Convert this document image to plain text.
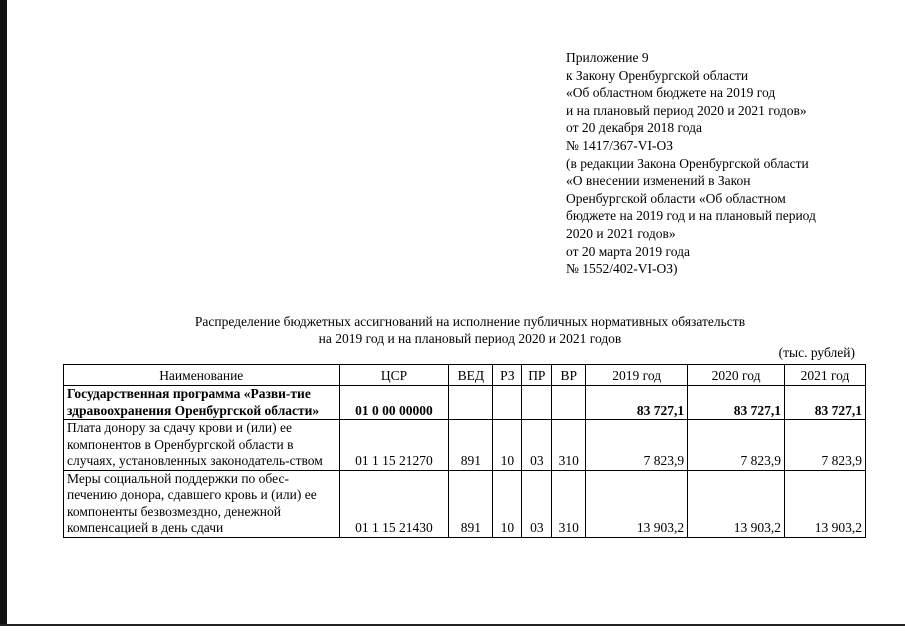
Приложение 9
к Закону Оренбургской области
«Об областном бюджете на 2019 год
и на плановый период 2020 и 2021 годов»
от 20 декабря 2018 года
№ 1417/367-VI-ОЗ
(в редакции Закона Оренбургской области
«О внесении изменений в Закон
Оренбургской области «Об областном
бюджете на 2019 год и на плановый период
2020 и 2021 годов»
от 20 марта 2019 года
№ 1552/402-VI-ОЗ)
Распределение бюджетных ассигнований на исполнение публичных нормативных обязательств
на 2019 год и на плановый период 2020 и 2021 годов
(тыс. рублей)
Наименование	ЦСР	ВЕД	РЗ	ПР	ВР	2019 год	2020 год	2021 год
Государственная программа «Разви-тие здравоохранения Оренбургской области»	01 0 00 00000					83 727,1	83 727,1	83 727,1
Плата донору за сдачу крови и (или) ее компонентов в Оренбургской области в случаях, установленных законодатель-ством	01 1 15 21270	891	10	03	310	7 823,9	7 823,9	7 823,9
Меры социальной поддержки по обес-печению донора, сдавшего кровь и (или) ее компоненты безвозмездно, денежной компенсацией в день сдачи	01 1 15 21430	891	10	03	310	13 903,2	13 903,2	13 903,2
